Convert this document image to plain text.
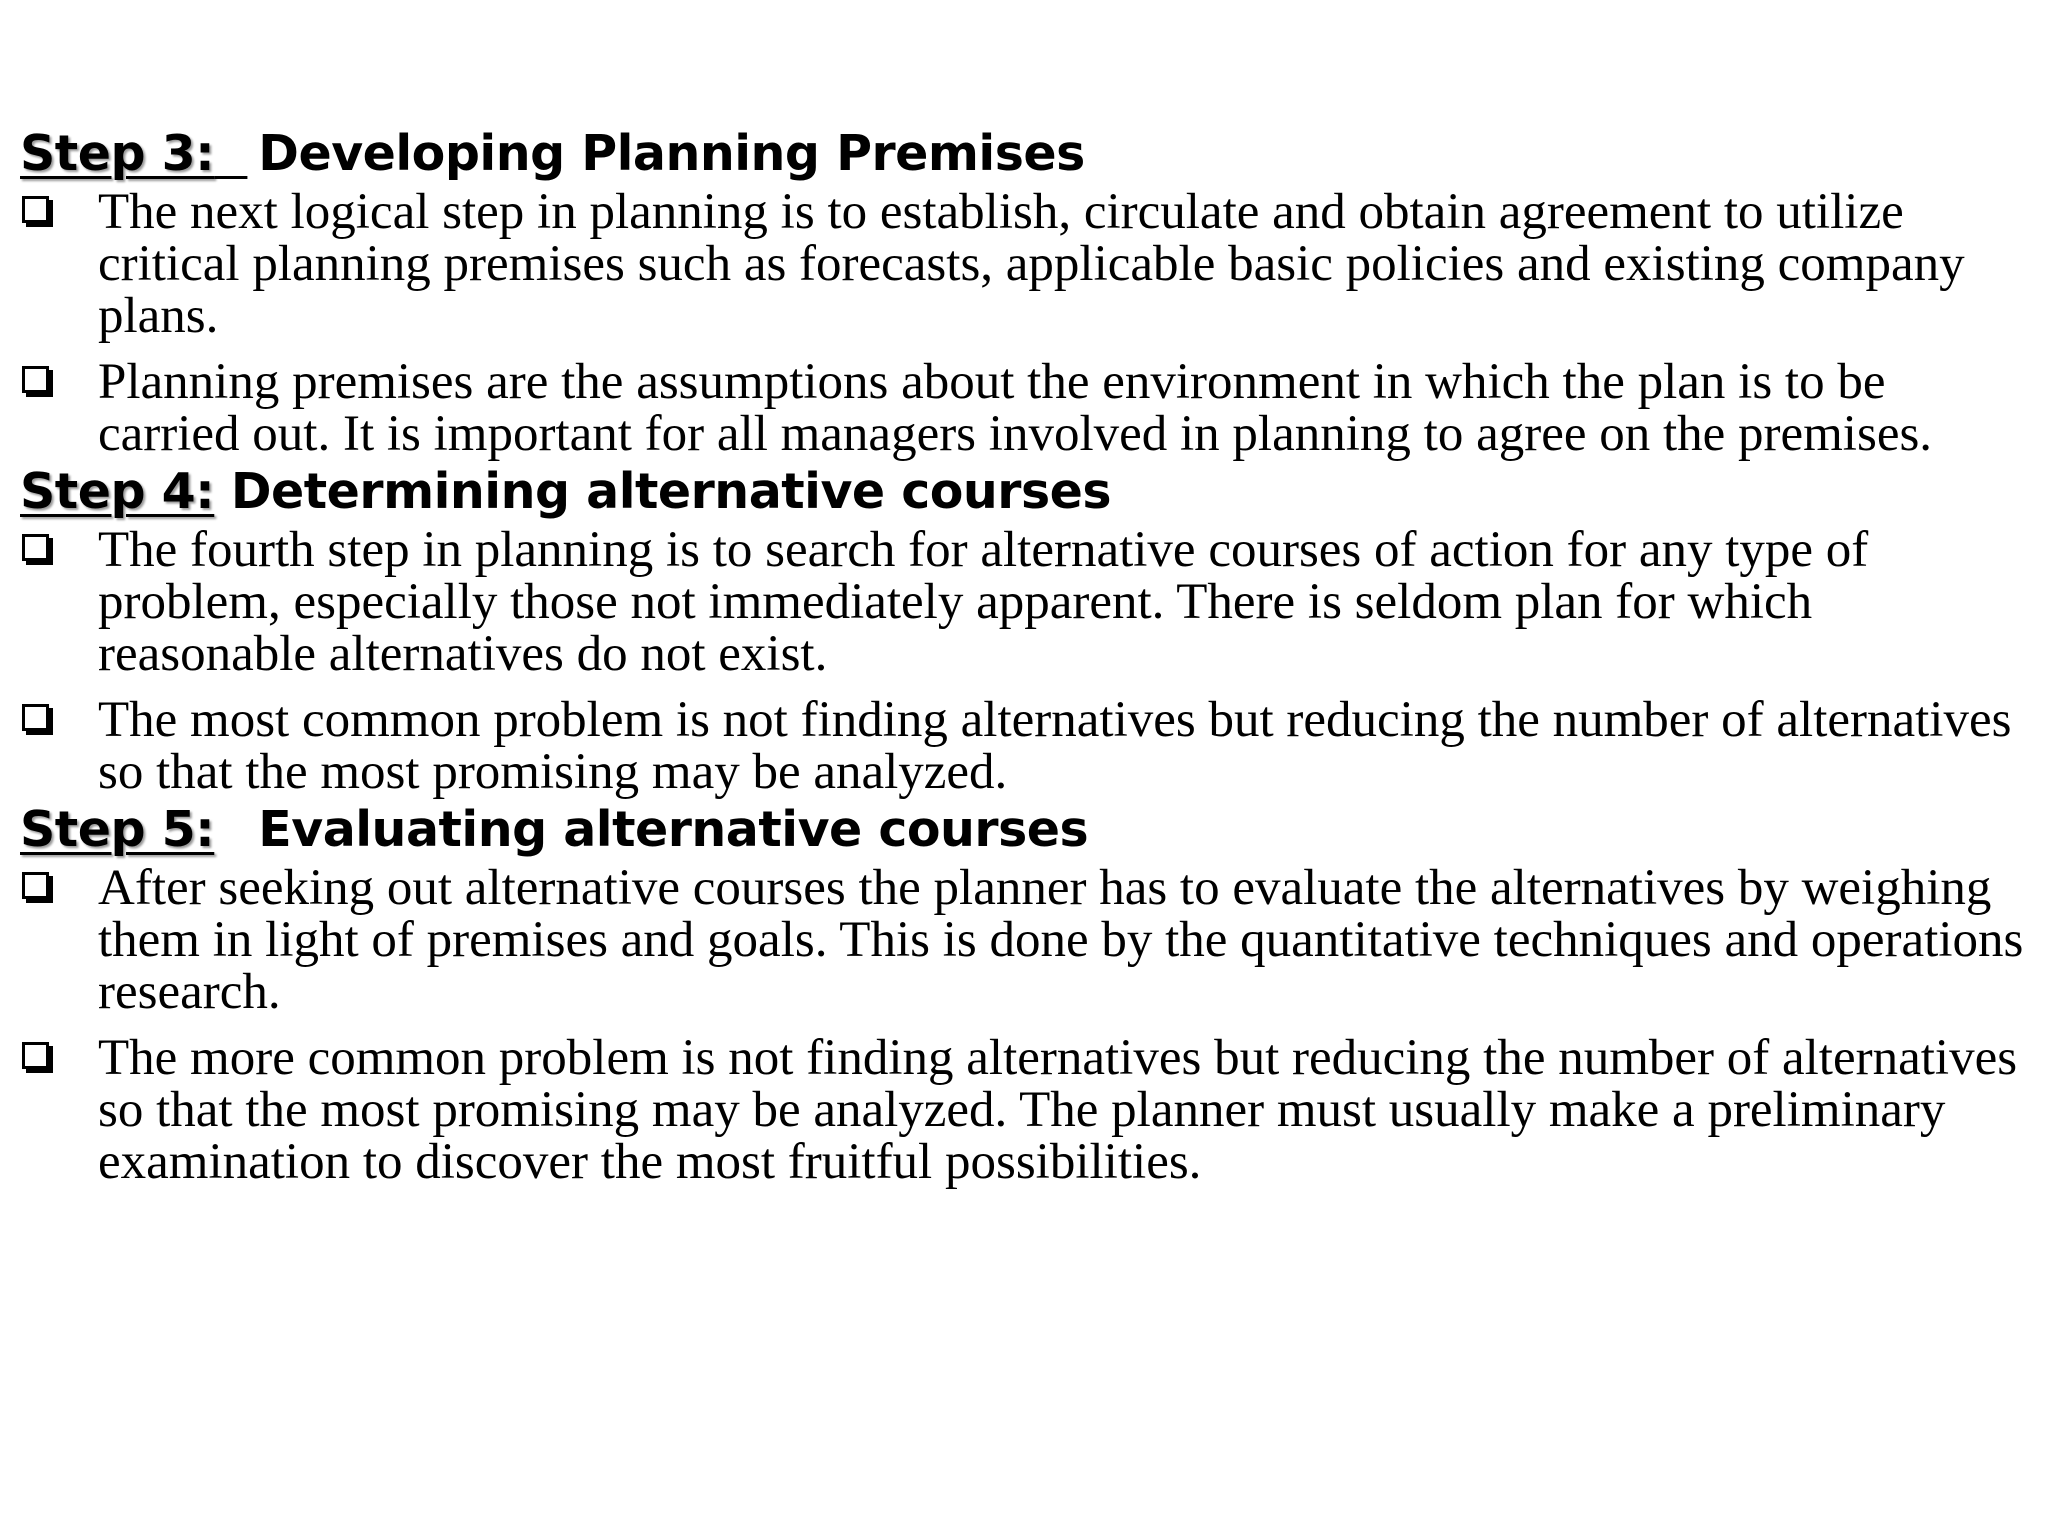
Step 3: Developing Planning Premises
The next logical step in planning is to establish, circulate and obtain agreement to utilize critical planning premises such as forecasts, applicable basic policies and existing company plans.
Planning premises are the assumptions about the environment in which the plan is to be carried out. It is important for all managers involved in planning to agree on the premises.
Step 4: Determining alternative courses
The fourth step in planning is to search for alternative courses of action for any type of problem, especially those not immediately apparent. There is seldom plan for which reasonable alternatives do not exist.
The most common problem is not finding alternatives but reducing the number of alternatives so that the most promising may be analyzed.
Step 5: Evaluating alternative courses
After seeking out alternative courses the planner has to evaluate the alternatives by weighing them in light of premises and goals. This is done by the quantitative techniques and operations research.
The more common problem is not finding alternatives but reducing the number of alternatives so that the most promising may be analyzed. The planner must usually make a preliminary examination to discover the most fruitful possibilities.
